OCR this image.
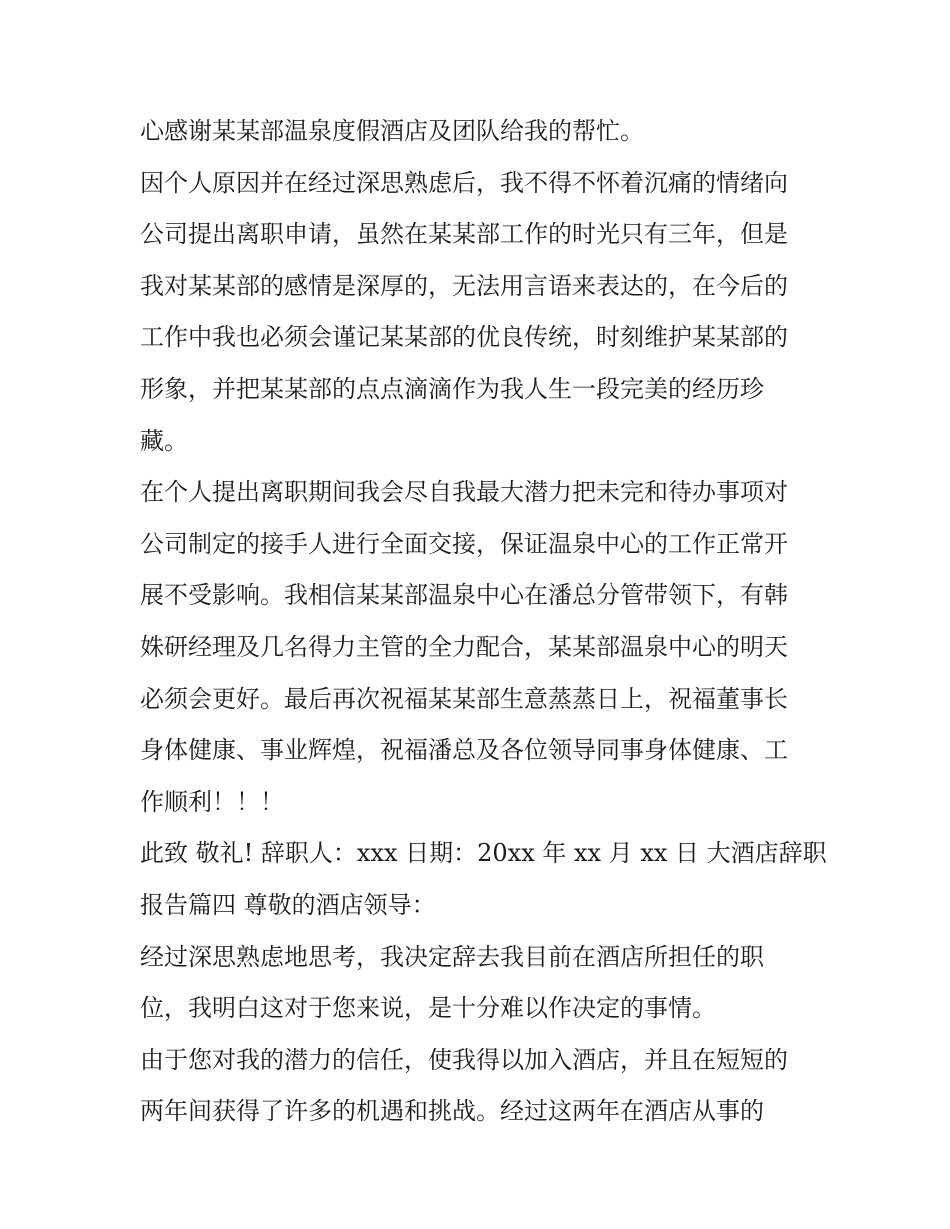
心感谢某某部温泉度假酒店及团队给我的帮忙。
因个人原因并在经过深思熟虑后，我不得不怀着沉痛的情绪向
公司提出离职申请，虽然在某某部工作的时光只有三年，但是
我对某某部的感情是深厚的，无法用言语来表达的，在今后的
工作中我也必须会谨记某某部的优良传统，时刻维护某某部的
形象，并把某某部的点点滴滴作为我人生一段完美的经历珍
藏。
在个人提出离职期间我会尽自我最大潜力把未完和待办事项对
公司制定的接手人进行全面交接，保证温泉中心的工作正常开
展不受影响。我相信某某部温泉中心在潘总分管带领下，有韩
姝研经理及几名得力主管的全力配合，某某部温泉中心的明天
必须会更好。最后再次祝福某某部生意蒸蒸日上，祝福董事长
身体健康、事业辉煌，祝福潘总及各位领导同事身体健康、工
作顺利！！！
此致 敬礼! 辞职人：xxx 日期：20xx 年 xx 月 xx 日 大酒店辞职
报告篇四 尊敬的酒店领导：
经过深思熟虑地思考，我决定辞去我目前在酒店所担任的职
位，我明白这对于您来说，是十分难以作决定的事情。
由于您对我的潜力的信任，使我得以加入酒店，并且在短短的
两年间获得了许多的机遇和挑战。经过这两年在酒店从事的
